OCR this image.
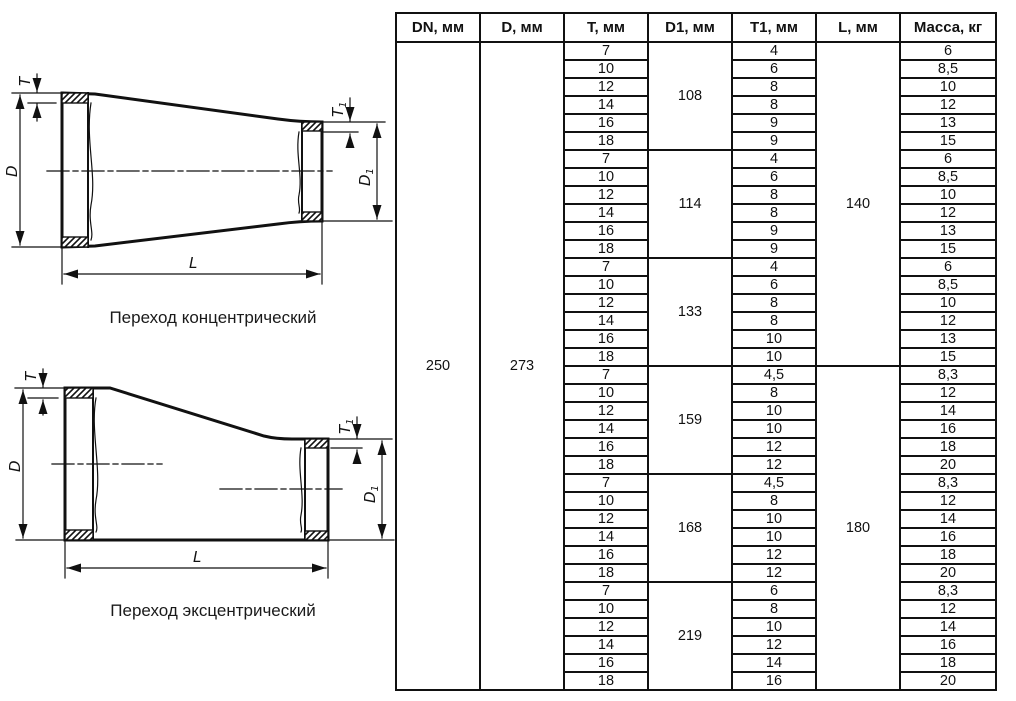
D
T
$T_1$
$D_1$
L
D
T
$T_1$
$D_1$
L
Переход концентрический
Переход эксцентрический
DN, мм	D, мм	T, мм	D1, мм	T1, мм	L, мм	Масса, кг
250	273	7	108	4	140	6
		10		6		8,5
		12		8		10
		14		8		12
		16		9		13
		18		9		15
		7	114	4		6
		10		6		8,5
		12		8		10
		14		8		12
		16		9		13
		18		9		15
		7	133	4		6
		10		6		8,5
		12		8		10
		14		8		12
		16		10		13
		18		10		15
		7	159	4,5	180	8,3
		10		8		12
		12		10		14
		14		10		16
		16		12		18
		18		12		20
		7	168	4,5		8,3
		10		8		12
		12		10		14
		14		10		16
		16		12		18
		18		12		20
		7	219	6		8,3
		10		8		12
		12		10		14
		14		12		16
		16		14		18
		18		16		20
